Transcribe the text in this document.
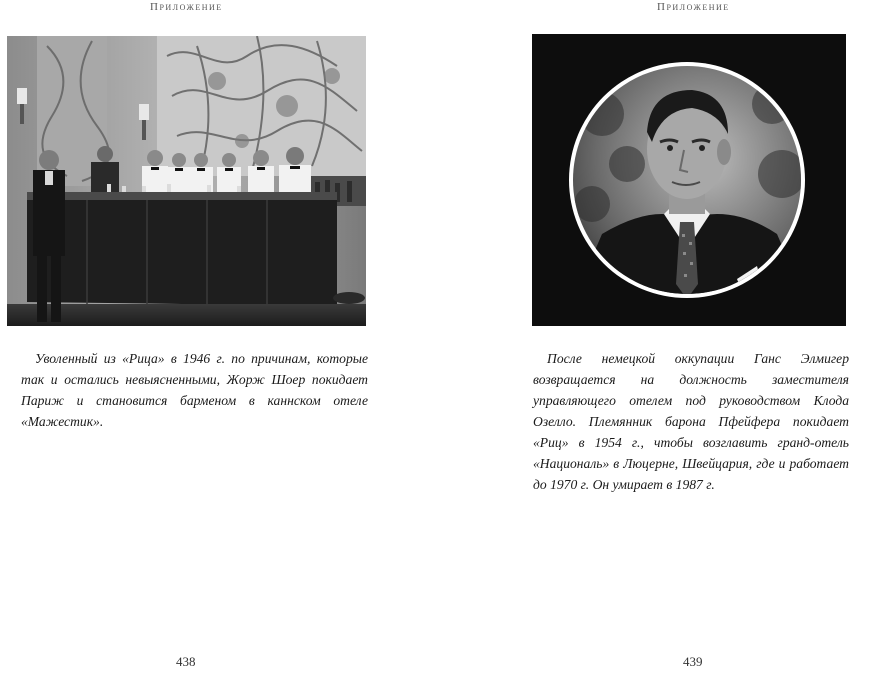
Приложение

Уволенный из «Рица» в 1946 г. по причинам, которые так и остались невыясненными, Жорж Шоер покидает Париж и становится барменом в каннском отеле «Мажестик».

438
Приложение

После немецкой оккупации Ганс Элмигер возвращается на должность заместителя управляющего отелем под руководством Клода Озелло. Племянник барона Пфейфера покидает «Риц» в 1954 г., чтобы возглавить гранд-отель «Националь» в Люцерне, Швейцария, где и работает до 1970 г. Он умирает в 1987 г.

439
